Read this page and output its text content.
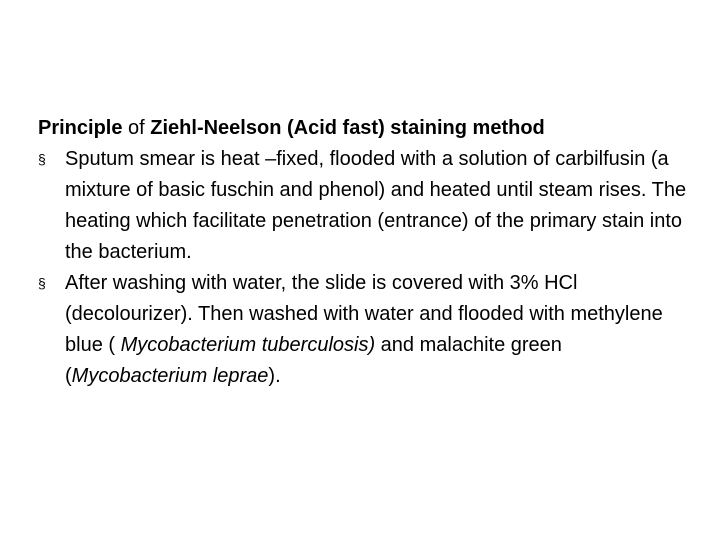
Principle of Ziehl-Neelson (Acid fast) staining method

§ Sputum smear is heat –fixed, flooded with a solution of carbilfusin (a mixture of basic fuschin and phenol) and heated until steam rises. The heating which facilitate penetration (entrance) of the primary stain into the bacterium.
§ After washing with water, the slide is covered with 3% HCl (decolourizer). Then washed with water and flooded with methylene blue ( Mycobacterium tuberculosis) and malachite green (Mycobacterium leprae).
